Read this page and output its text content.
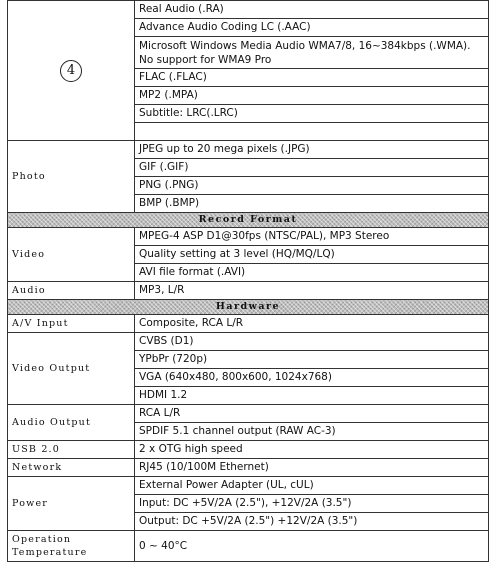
4	Real Audio (.RA)
	Advance Audio Coding LC (.AAC)
	Microsoft Windows Media Audio WMA7/8, 16~384kbps (.WMA). No support for WMA9 Pro
	FLAC (.FLAC)
	MP2 (.MPA)
	Subtitle: LRC(.LRC)

Photo	JPEG up to 20 mega pixels (.JPG)
	GIF (.GIF)
	PNG (.PNG)
	BMP (.BMP)
Record Format	
Video	MPEG-4 ASP D1@30fps (NTSC/PAL), MP3 Stereo
	Quality setting at 3 level (HQ/MQ/LQ)
	AVI file format (.AVI)
Audio	MP3, L/R
Hardware	
A/V Input	Composite, RCA L/R
Video Output	CVBS (D1)
	YPbPr (720p)
	VGA (640x480, 800x600, 1024x768)
	HDMI 1.2
Audio Output	RCA L/R
	SPDIF 5.1 channel output (RAW AC-3)
USB 2.0	2 x OTG high speed
Network	RJ45 (10/100M Ethernet)
Power	External Power Adapter (UL, cUL)
	Input: DC +5V/2A (2.5"), +12V/2A (3.5")
	Output: DC +5V/2A (2.5") +12V/2A (3.5")
Operation Temperature	0 ~ 40°C
